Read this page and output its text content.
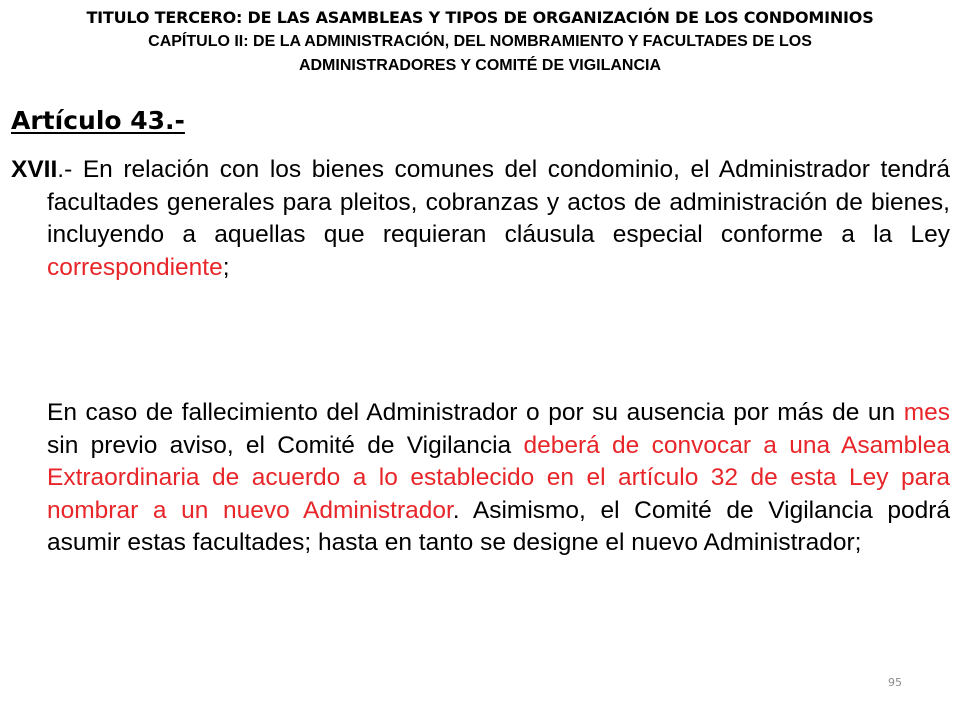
TITULO TERCERO: DE LAS ASAMBLEAS Y TIPOS DE ORGANIZACIÓN DE LOS CONDOMINIOS
CAPÍTULO II: DE LA ADMINISTRACIÓN, DEL NOMBRAMIENTO Y FACULTADES DE LOS
ADMINISTRADORES Y COMITÉ DE VIGILANCIA
Artículo 43.-
XVII.- En relación con los bienes comunes del condominio, el Administrador tendrá facultades generales para pleitos, cobranzas y actos de administración de bienes, incluyendo a aquellas que requieran cláusula especial conforme a la Ley correspondiente;
En caso de fallecimiento del Administrador o por su ausencia por más de un mes sin previo aviso, el Comité de Vigilancia deberá de convocar a una Asamblea Extraordinaria de acuerdo a lo establecido en el artículo 32 de esta Ley para nombrar a un nuevo Administrador. Asimismo, el Comité de Vigilancia podrá asumir estas facultades; hasta en tanto se designe el nuevo Administrador;
95
